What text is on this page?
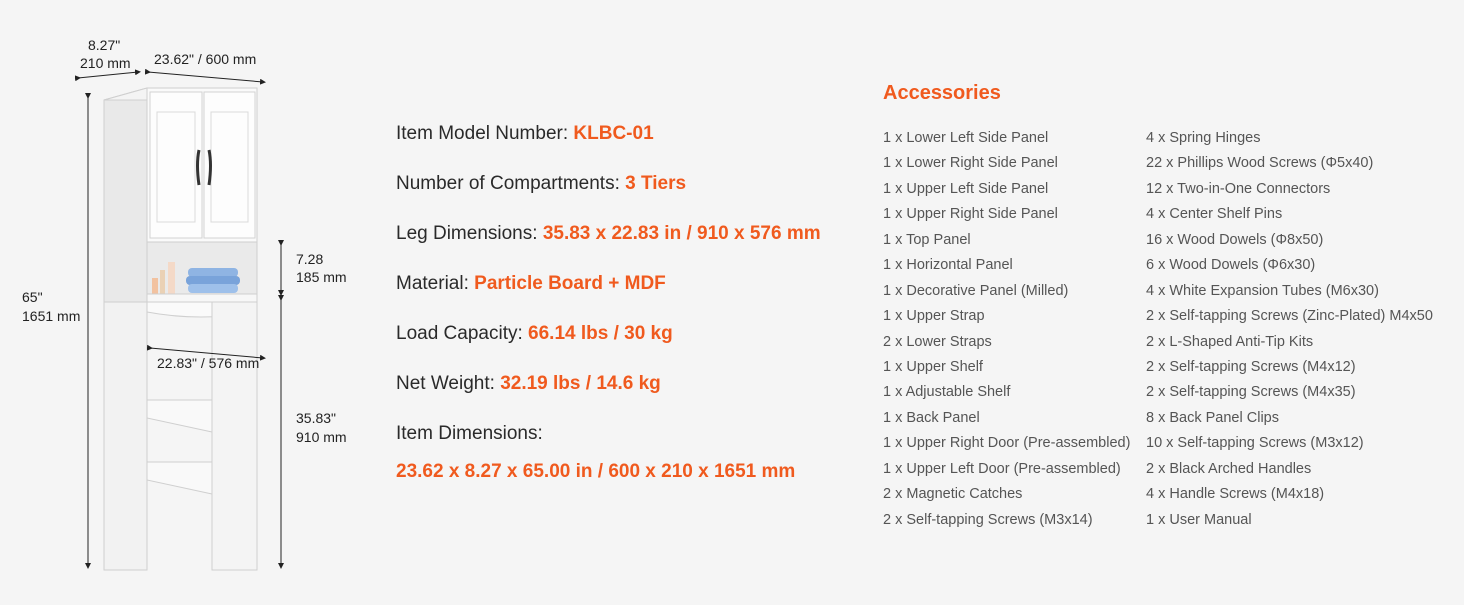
8.27"
210 mm 23.62" / 600 mm
65"
1651 mm
7.28
185 mm
22.83" / 576 mm
35.83"
910 mm
Item Model Number: KLBC-01
Number of Compartments: 3 Tiers
Leg Dimensions: 35.83 x 22.83 in / 910 x 576 mm
Material: Particle Board + MDF
Load Capacity: 66.14 lbs / 30 kg
Net Weight: 32.19 lbs / 14.6 kg
Item Dimensions:
23.62 x 8.27 x 65.00 in / 600 x 210 x 1651 mm
Accessories
1 x Lower Left Side Panel
1 x Lower Right Side Panel
1 x Upper Left Side Panel
1 x Upper Right Side Panel
1 x Top Panel
1 x Horizontal Panel
1 x Decorative Panel (Milled)
1 x Upper Strap
2 x Lower Straps
1 x Upper Shelf
1 x Adjustable Shelf
1 x Back Panel
1 x Upper Right Door (Pre-assembled)
1 x Upper Left Door (Pre-assembled)
2 x Magnetic Catches
2 x Self-tapping Screws (M3x14)
4 x Spring Hinges
22 x Phillips Wood Screws (Φ5x40)
12 x Two-in-One Connectors
4 x Center Shelf Pins
16 x Wood Dowels (Φ8x50)
6 x Wood Dowels (Φ6x30)
4 x White Expansion Tubes (M6x30)
2 x Self-tapping Screws (Zinc-Plated) M4x50
2 x L-Shaped Anti-Tip Kits
2 x Self-tapping Screws (M4x12)
2 x Self-tapping Screws (M4x35)
8 x Back Panel Clips
10 x Self-tapping Screws (M3x12)
2 x Black Arched Handles
4 x Handle Screws (M4x18)
1 x User Manual
